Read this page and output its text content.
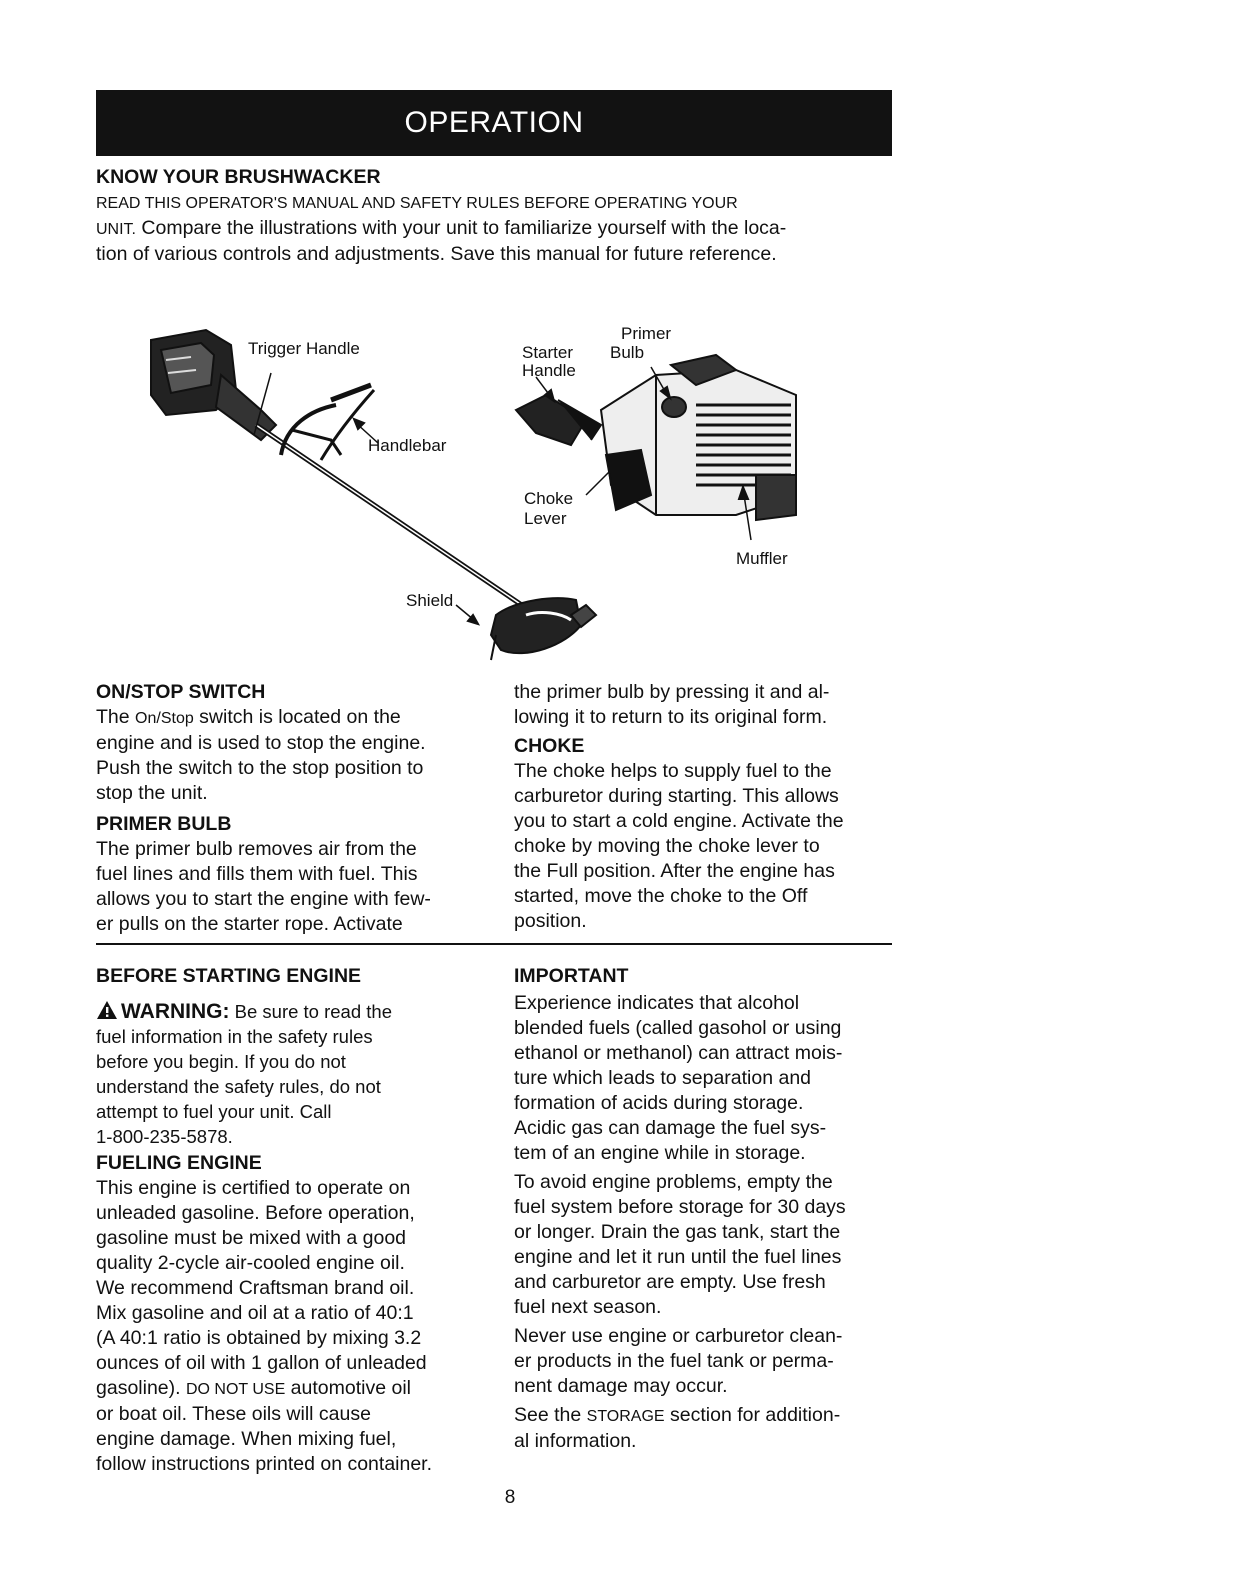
OPERATION

KNOW YOUR BRUSHWACKER

READ THIS OPERATOR'S MANUAL AND SAFETY RULES BEFORE OPERATING YOUR

UNIT. Compare the illustrations with your unit to familiarize yourself with the loca-

tion of various controls and adjustments. Save this manual for future reference.

Trigger Handle
Handlebar
Shield
Primer
Bulb
Starter
Handle
Choke
Lever
Muffler

ON/STOP SWITCH

The On/Stop switch is located on the

engine and is used to stop the engine.

Push the switch to the stop position to

stop the unit.

PRIMER BULB

The primer bulb removes air from the

fuel lines and fills them with fuel. This

allows you to start the engine with few-

er pulls on the starter rope. Activate

the primer bulb by pressing it and al-

lowing it to return to its original form.

CHOKE

The choke helps to supply fuel to the

carburetor during starting. This allows

you to start a cold engine. Activate the

choke by moving the choke lever to

the Full position. After the engine has

started, move the choke to the Off

position.

BEFORE STARTING ENGINE

WARNING: Be sure to read the

fuel information in the safety rules

before you begin. If you do not

understand the safety rules, do not

attempt to fuel your unit. Call

1-800-235-5878.

FUELING ENGINE

This engine is certified to operate on

unleaded gasoline. Before operation,

gasoline must be mixed with a good

quality 2-cycle air-cooled engine oil.

We recommend Craftsman brand oil.

Mix gasoline and oil at a ratio of 40:1

(A 40:1 ratio is obtained by mixing 3.2

ounces of oil with 1 gallon of unleaded

gasoline). DO NOT USE automotive oil

or boat oil. These oils will cause

engine damage. When mixing fuel,

follow instructions printed on container.

IMPORTANT

Experience indicates that alcohol

blended fuels (called gasohol or using

ethanol or methanol) can attract mois-

ture which leads to separation and

formation of acids during storage.

Acidic gas can damage the fuel sys-

tem of an engine while in storage.

To avoid engine problems, empty the

fuel system before storage for 30 days

or longer. Drain the gas tank, start the

engine and let it run until the fuel lines

and carburetor are empty. Use fresh

fuel next season.

Never use engine or carburetor clean-

er products in the fuel tank or perma-

nent damage may occur.

See the STORAGE section for addition-

al information.

8
